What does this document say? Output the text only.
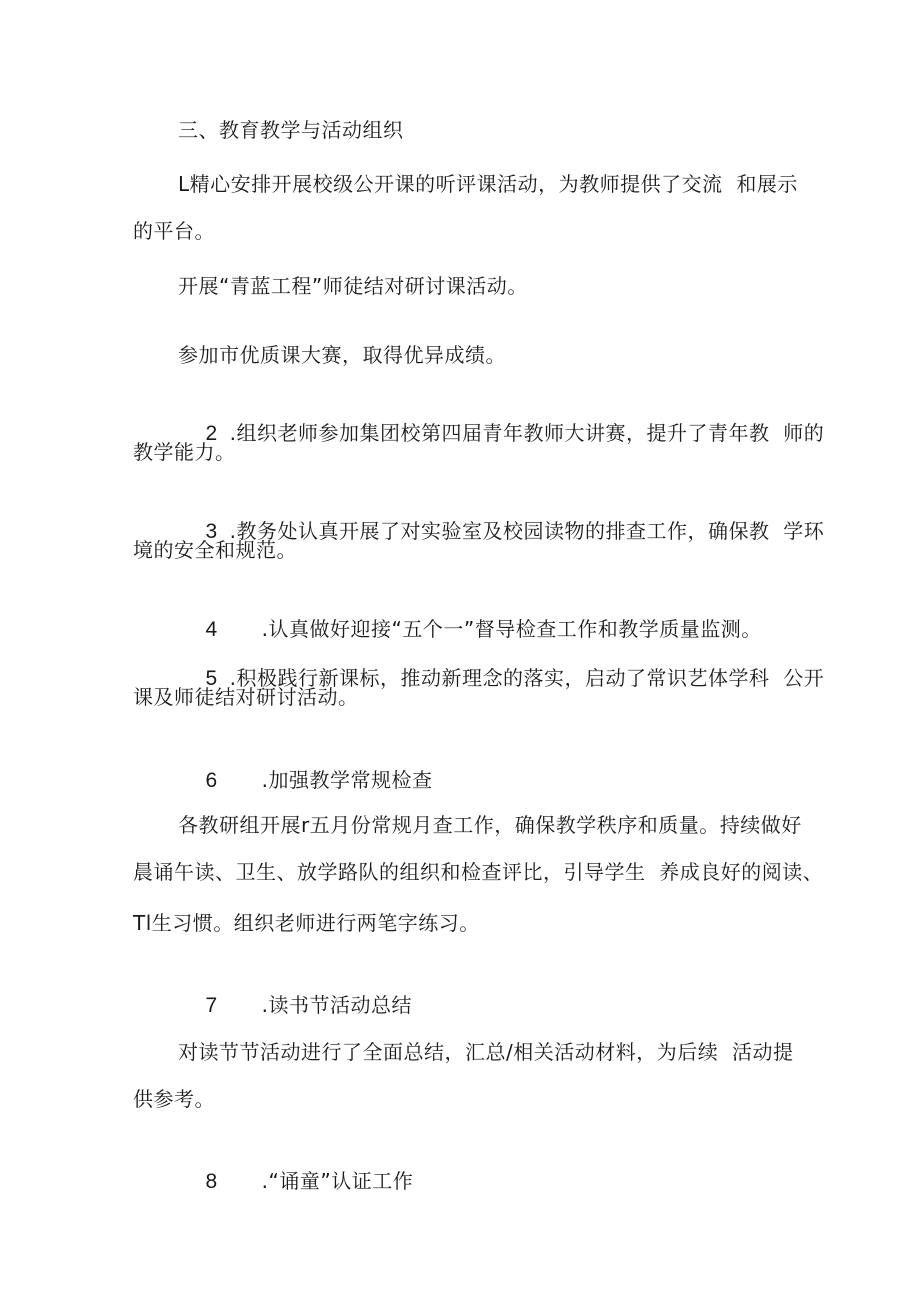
三、教育教学与活动组织
L精心安排开展校级公开课的听评课活动，为教师提供了交流  和展示
的平台。
开展“青蓝工程”师徒结对研讨课活动。
参加市优质课大赛，取得优异成绩。

2 .组织老师参加集团校第四届青年教师大讲赛，提升了青年教  师的

教学能力。

3 .教务处认真开展了对实验室及校园读物的排查工作，确保教  学环

境的安全和规范。

4 .认真做好迎接“五个一”督导检查工作和教学质量监测。

5 .积极践行新课标，推动新理念的落实，启动了常识艺体学科  公开

课及师徒结对研讨活动。

6 .加强教学常规检查

各教研组开展r五月份常规月查工作，确保教学秩序和质量。持续做好
晨诵午读、卫生、放学路队的组织和检查评比，引导学生  养成良好的阅读、
Tl生习惯。组织老师进行两笔字练习。

7 .读书节活动总结

对读节节活动进行了全面总结，汇总/相关活动材料，为后续  活动提
供参考。

8 .“诵童”认证工作
